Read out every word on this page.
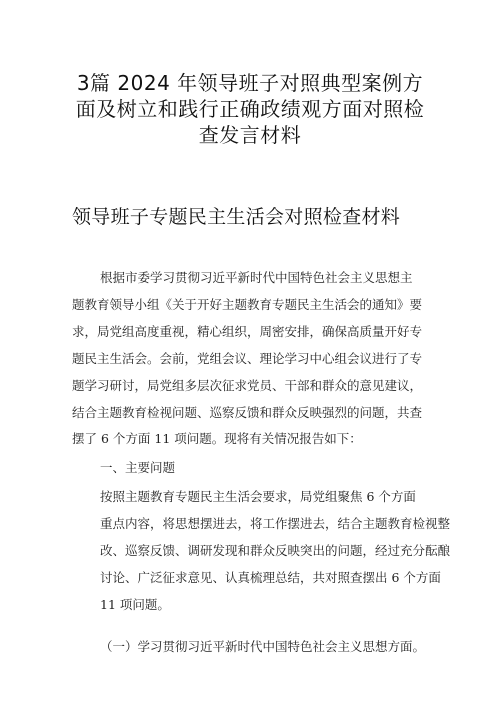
3篇 2024 年领导班子对照典型案例方
面及树立和践行正确政绩观方面对照检
查发言材料
领导班子专题民主生活会对照检查材料
根据市委学习贯彻习近平新时代中国特色社会主义思想主
题教育领导小组《关于开好主题教育专题民主生活会的通知》要
求，局党组高度重视，精心组织，周密安排，确保高质量开好专
题民主生活会。会前，党组会议、理论学习中心组会议进行了专
题学习研讨，局党组多层次征求党员、干部和群众的意见建议，
结合主题教育检视问题、巡察反馈和群众反映强烈的问题，共查
摆了 6 个方面 11 项问题。现将有关情况报告如下：
一、主要问题
按照主题教育专题民主生活会要求，局党组聚焦 6 个方面
重点内容，将思想摆进去，将工作摆进去，结合主题教育检视整
改、巡察反馈、调研发现和群众反映突出的问题，经过充分酝酿
讨论、广泛征求意见、认真梳理总结，共对照查摆出 6 个方面
11 项问题。
（一）学习贯彻习近平新时代中国特色社会主义思想方面。
